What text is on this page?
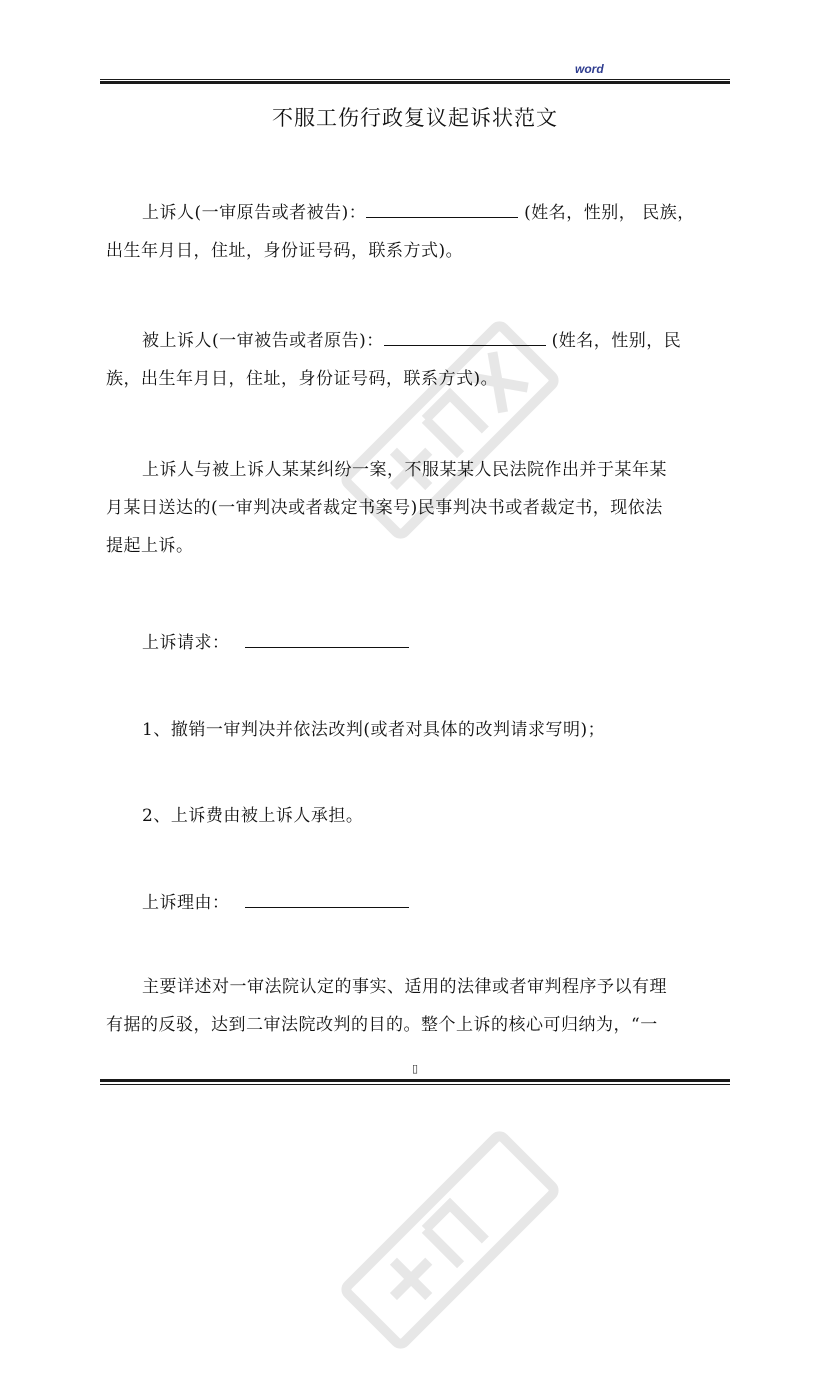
word
不服工伤行政复议起诉状范文
上诉人(一审原告或者被告)：	(姓名，性别， 民族，
出生年月日，住址，身份证号码，联系方式)。
被上诉人(一审被告或者原告)：	(姓名，性别，民
族，出生年月日，住址，身份证号码，联系方式)。
上诉人与被上诉人某某纠纷一案，不服某某人民法院作出并于某年某
月某日送达的(一审判决或者裁定书案号)民事判决书或者裁定书，现依法
提起上诉。
上诉请求：
1、撤销一审判决并依法改判(或者对具体的改判请求写明)；
2、上诉费由被上诉人承担。
上诉理由：
主要详述对一审法院认定的事实、适用的法律或者审判程序予以有理
有据的反驳，达到二审法院改判的目的。整个上诉的核心可归纳为，“一
▯
